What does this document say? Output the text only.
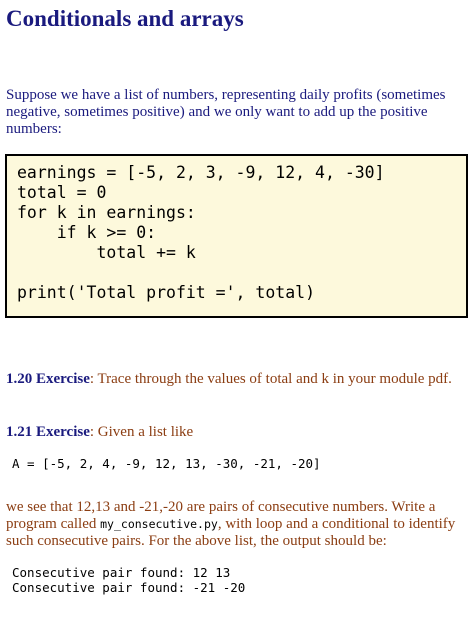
Conditionals and arrays

Suppose we have a list of numbers, representing daily profits (sometimes negative, sometimes positive) and we only want to add up the positive numbers:

earnings = [-5, 2, 3, -9, 12, 4, -30]
total = 0
for k in earnings:
if k >= 0:
total += k

print('Total profit =', total)

1.20 Exercise: Trace through the values of total and k in your module pdf.

1.21 Exercise: Given a list like

A = [-5, 2, 4, -9, 12, 13, -30, -21, -20]

we see that 12,13 and -21,-20 are pairs of consecutive numbers. Write a program called my_consecutive.py, with loop and a conditional to identify such consecutive pairs. For the above list, the output should be:

Consecutive pair found: 12 13
Consecutive pair found: -21 -20
